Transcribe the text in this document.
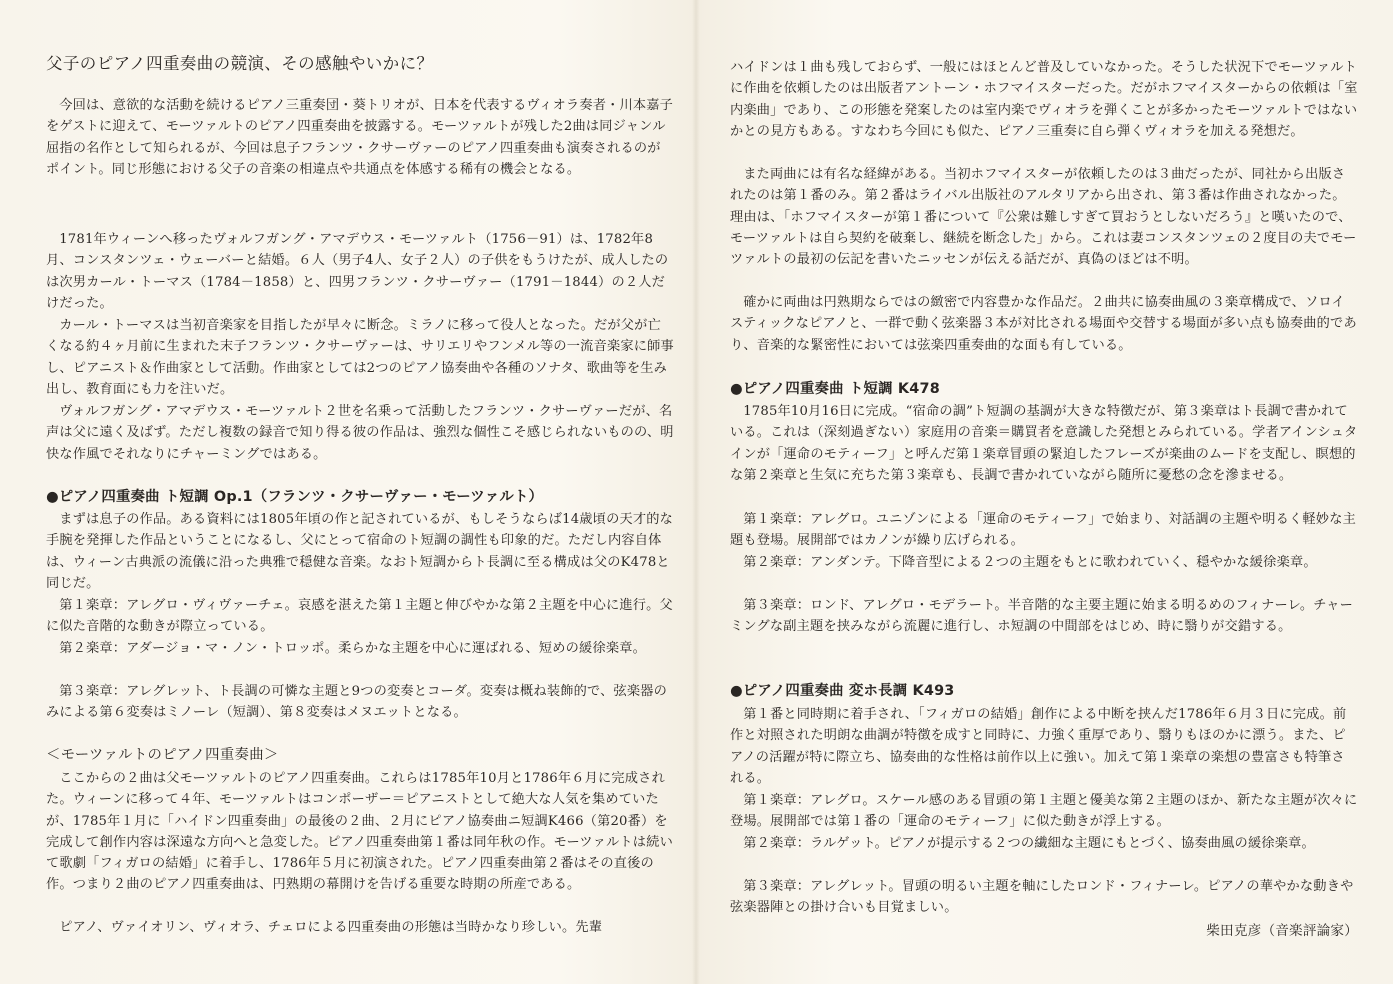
父子のピアノ四重奏曲の競演、その感触やいかに？

今回は、意欲的な活動を続けるピアノ三重奏団・葵トリオが、日本を代表するヴィオラ奏者・川本嘉子をゲストに迎えて、モーツァルトのピアノ四重奏曲を披露する。モーツァルトが残した2曲は同ジャンル屈指の名作として知られるが、今回は息子フランツ・クサーヴァーのピアノ四重奏曲も演奏されるのがポイント。同じ形態における父子の音楽の相違点や共通点を体感する稀有の機会となる。

1781年ウィーンへ移ったヴォルフガング・アマデウス・モーツァルト（1756－91）は、1782年8月、コンスタンツェ・ウェーバーと結婚。６人（男子4人、女子２人）の子供をもうけたが、成人したのは次男カール・トーマス（1784－1858）と、四男フランツ・クサーヴァー（1791－1844）の２人だけだった。

カール・トーマスは当初音楽家を目指したが早々に断念。ミラノに移って役人となった。だが父が亡くなる約４ヶ月前に生まれた末子フランツ・クサーヴァーは、サリエリやフンメル等の一流音楽家に師事し、ピアニスト＆作曲家として活動。作曲家としては2つのピアノ協奏曲や各種のソナタ、歌曲等を生み出し、教育面にも力を注いだ。

ヴォルフガング・アマデウス・モーツァルト２世を名乗って活動したフランツ・クサーヴァーだが、名声は父に遠く及ばず。ただし複数の録音で知り得る彼の作品は、強烈な個性こそ感じられないものの、明快な作風でそれなりにチャーミングではある。

●ピアノ四重奏曲 ト短調 Op.1（フランツ・クサーヴァー・モーツァルト）

まずは息子の作品。ある資料には1805年頃の作と記されているが、もしそうならば14歳頃の天才的な手腕を発揮した作品ということになるし、父にとって宿命のト短調の調性も印象的だ。ただし内容自体は、ウィーン古典派の流儀に沿った典雅で穏健な音楽。なおト短調からト長調に至る構成は父のK478と同じだ。

第１楽章：アレグロ・ヴィヴァーチェ。哀感を湛えた第１主題と伸びやかな第２主題を中心に進行。父に似た音階的な動きが際立っている。

第２楽章：アダージョ・マ・ノン・トロッポ。柔らかな主題を中心に運ばれる、短めの緩徐楽章。

第３楽章：アレグレット、ト長調の可憐な主題と9つの変奏とコーダ。変奏は概ね装飾的で、弦楽器のみによる第６変奏はミノーレ（短調）、第８変奏はメヌエットとなる。

＜モーツァルトのピアノ四重奏曲＞

ここからの２曲は父モーツァルトのピアノ四重奏曲。これらは1785年10月と1786年６月に完成された。ウィーンに移って４年、モーツァルトはコンポーザー＝ピアニストとして絶大な人気を集めていたが、1785年１月に「ハイドン四重奏曲」の最後の２曲、２月にピアノ協奏曲ニ短調K466（第20番）を完成して創作内容は深遠な方向へと急変した。ピアノ四重奏曲第１番は同年秋の作。モーツァルトは続いて歌劇「フィガロの結婚」に着手し、1786年５月に初演された。ピアノ四重奏曲第２番はその直後の作。つまり２曲のピアノ四重奏曲は、円熟期の幕開けを告げる重要な時期の所産である。

ピアノ、ヴァイオリン、ヴィオラ、チェロによる四重奏曲の形態は当時かなり珍しい。先輩

ハイドンは１曲も残しておらず、一般にはほとんど普及していなかった。そうした状況下でモーツァルトに作曲を依頼したのは出版者アントーン・ホフマイスターだった。だがホフマイスターからの依頼は「室内楽曲」であり、この形態を発案したのは室内楽でヴィオラを弾くことが多かったモーツァルトではないかとの見方もある。すなわち今回にも似た、ピアノ三重奏に自ら弾くヴィオラを加える発想だ。

また両曲には有名な経緯がある。当初ホフマイスターが依頼したのは３曲だったが、同社から出版されたのは第１番のみ。第２番はライバル出版社のアルタリアから出され、第３番は作曲されなかった。理由は、「ホフマイスターが第１番について『公衆は難しすぎて買おうとしないだろう』と嘆いたので、モーツァルトは自ら契約を破棄し、継続を断念した」から。これは妻コンスタンツェの２度目の夫でモーツァルトの最初の伝記を書いたニッセンが伝える話だが、真偽のほどは不明。

確かに両曲は円熟期ならではの緻密で内容豊かな作品だ。２曲共に協奏曲風の３楽章構成で、ソロイスティックなピアノと、一群で動く弦楽器３本が対比される場面や交替する場面が多い点も協奏曲的であり、音楽的な緊密性においては弦楽四重奏曲的な面も有している。

●ピアノ四重奏曲 ト短調 K478

1785年10月16日に完成。“宿命の調”ト短調の基調が大きな特徴だが、第３楽章はト長調で書かれている。これは（深刻過ぎない）家庭用の音楽＝購買者を意識した発想とみられている。学者アインシュタインが「運命のモティーフ」と呼んだ第１楽章冒頭の緊迫したフレーズが楽曲のムードを支配し、瞑想的な第２楽章と生気に充ちた第３楽章も、長調で書かれていながら随所に憂愁の念を滲ませる。

第１楽章：アレグロ。ユニゾンによる「運命のモティーフ」で始まり、対話調の主題や明るく軽妙な主題も登場。展開部ではカノンが繰り広げられる。

第２楽章：アンダンテ。下降音型による２つの主題をもとに歌われていく、穏やかな緩徐楽章。

第３楽章：ロンド、アレグロ・モデラート。半音階的な主要主題に始まる明るめのフィナーレ。チャーミングな副主題を挟みながら流麗に進行し、ホ短調の中間部をはじめ、時に翳りが交錯する。

●ピアノ四重奏曲 変ホ長調 K493

第１番と同時期に着手され、「フィガロの結婚」創作による中断を挟んだ1786年６月３日に完成。前作と対照された明朗な曲調が特徴を成すと同時に、力強く重厚であり、翳りもほのかに漂う。また、ピアノの活躍が特に際立ち、協奏曲的な性格は前作以上に強い。加えて第１楽章の楽想の豊富さも特筆される。

第１楽章：アレグロ。スケール感のある冒頭の第１主題と優美な第２主題のほか、新たな主題が次々に登場。展開部では第１番の「運命のモティーフ」に似た動きが浮上する。

第２楽章：ラルゲット。ピアノが提示する２つの繊細な主題にもとづく、協奏曲風の緩徐楽章。

第３楽章：アレグレット。冒頭の明るい主題を軸にしたロンド・フィナーレ。ピアノの華やかな動きや弦楽器陣との掛け合いも目覚ましい。

柴田克彦（音楽評論家）
